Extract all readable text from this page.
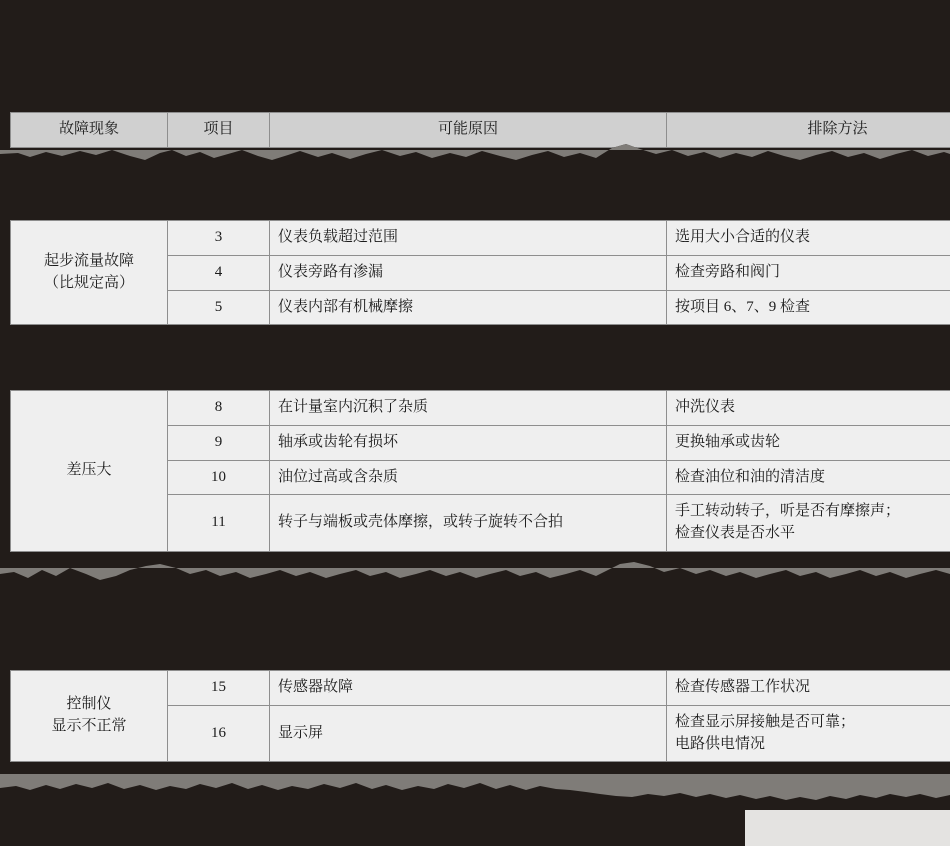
故障现象	项目	可能原因	排除方法
起步流量故障
（比规定高）	3	仪表负载超过范围	选用大小合适的仪表
	4	仪表旁路有渗漏	检查旁路和阀门
	5	仪表内部有机械摩擦	按项目 6、7、9 检查
差压大	8	在计量室内沉积了杂质	冲洗仪表
	9	轴承或齿轮有损坏	更换轴承或齿轮
	10	油位过高或含杂质	检查油位和油的清洁度
	11	转子与端板或壳体摩擦，或转子旋转不合拍	手工转动转子，听是否有摩擦声；
检查仪表是否水平
控制仪
显示不正常	15	传感器故障	检查传感器工作状况
	16	显示屏	检查显示屏接触是否可靠；
电路供电情况
